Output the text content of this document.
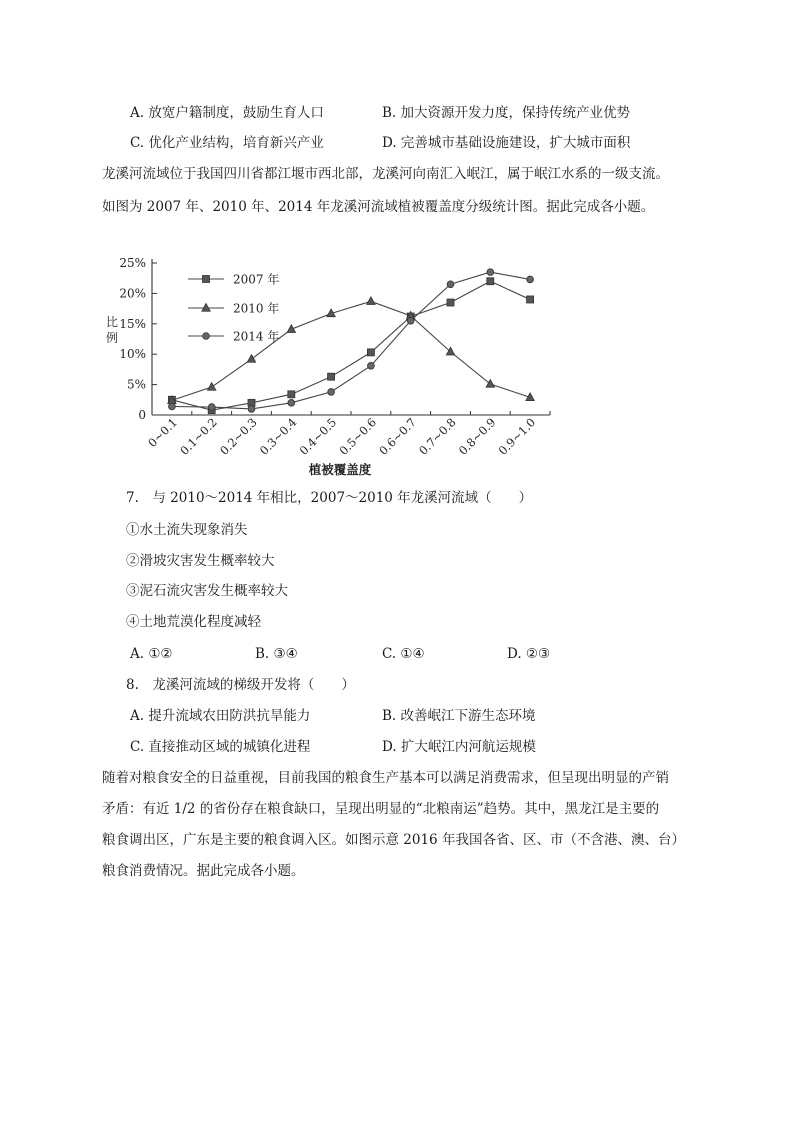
A. 放宽户籍制度，鼓励生育人口	B. 加大资源开发力度，保持传统产业优势
C. 优化产业结构，培育新兴产业	D. 完善城市基础设施建设，扩大城市面积
龙溪河流域位于我国四川省都江堰市西北部，龙溪河向南汇入岷江，属于岷江水系的一级支流。
如图为 2007 年、2010 年、2014 年龙溪河流域植被覆盖度分级统计图。据此完成各小题。
0
5%
10%
15%
20%
25%
0~0.1
0.1~0.2
0.2~0.3
0.3~0.4
0.4~0.5
0.5~0.6
0.6~0.7
0.7~0.8
0.8~0.9
0.9~1.0
2007 年
2010 年
2014 年
比
例
植被覆盖度
7.　与 2010～2014 年相比，2007～2010 年龙溪河流域（　　）
①水土流失现象消失
②滑坡灾害发生概率较大
③泥石流灾害发生概率较大
④土地荒漠化程度减轻
A. ①②	B. ③④	C. ①④	D. ②③
8.　龙溪河流域的梯级开发将（　　）
A. 提升流域农田防洪抗旱能力	B. 改善岷江下游生态环境
C. 直接推动区域的城镇化进程	D. 扩大岷江内河航运规模
随着对粮食安全的日益重视，目前我国的粮食生产基本可以满足消费需求，但呈现出明显的产销
矛盾：有近 1/2 的省份存在粮食缺口，呈现出明显的“北粮南运”趋势。其中，黑龙江是主要的
粮食调出区，广东是主要的粮食调入区。如图示意 2016 年我国各省、区、市（不含港、澳、台）
粮食消费情况。据此完成各小题。
